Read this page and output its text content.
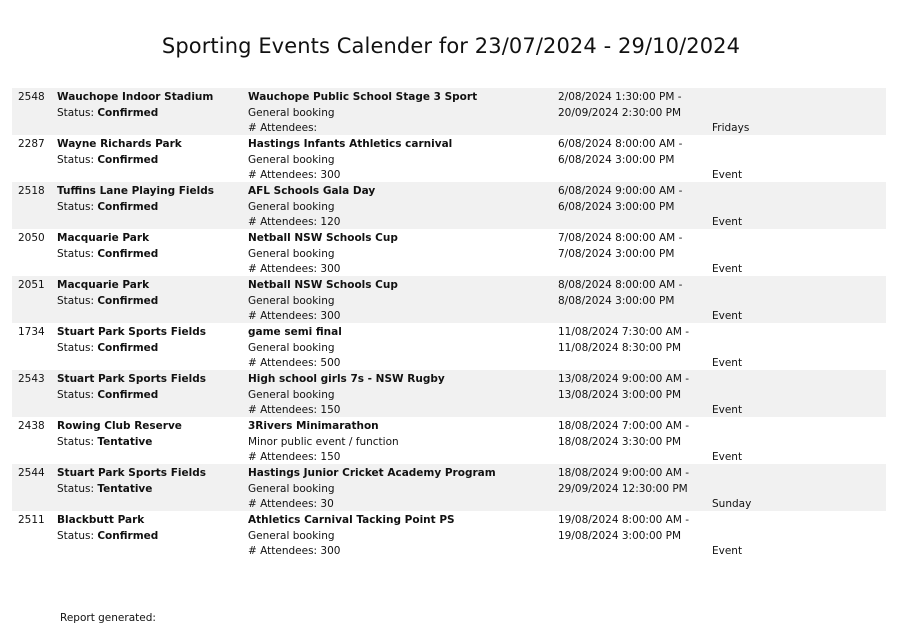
Sporting Events Calender for 23/07/2024 - 29/10/2024
2548 Wauchope Indoor Stadium
Status: Confirmed
Wauchope Public School Stage 3 Sport
General booking
# Attendees:
2/08/2024 1:30:00 PM -
20/09/2024 2:30:00 PM
Fridays
2287 Wayne Richards Park
Status: Confirmed
Hastings Infants Athletics carnival
General booking
# Attendees: 300
6/08/2024 8:00:00 AM -
6/08/2024 3:00:00 PM
Event
2518 Tuffins Lane Playing Fields
Status: Confirmed
AFL Schools Gala Day
General booking
# Attendees: 120
6/08/2024 9:00:00 AM -
6/08/2024 3:00:00 PM
Event
2050 Macquarie Park
Status: Confirmed
Netball NSW Schools Cup
General booking
# Attendees: 300
7/08/2024 8:00:00 AM -
7/08/2024 3:00:00 PM
Event
2051 Macquarie Park
Status: Confirmed
Netball NSW Schools Cup
General booking
# Attendees: 300
8/08/2024 8:00:00 AM -
8/08/2024 3:00:00 PM
Event
1734 Stuart Park Sports Fields
Status: Confirmed
game semi final
General booking
# Attendees: 500
11/08/2024 7:30:00 AM -
11/08/2024 8:30:00 PM
Event
2543 Stuart Park Sports Fields
Status: Confirmed
High school girls 7s - NSW Rugby
General booking
# Attendees: 150
13/08/2024 9:00:00 AM -
13/08/2024 3:00:00 PM
Event
2438 Rowing Club Reserve
Status: Tentative
3Rivers Minimarathon
Minor public event / function
# Attendees: 150
18/08/2024 7:00:00 AM -
18/08/2024 3:30:00 PM
Event
2544 Stuart Park Sports Fields
Status: Tentative
Hastings Junior Cricket Academy Program
General booking
# Attendees: 30
18/08/2024 9:00:00 AM -
29/09/2024 12:30:00 PM
Sunday
2511 Blackbutt Park
Status: Confirmed
Athletics Carnival Tacking Point PS
General booking
# Attendees: 300
19/08/2024 8:00:00 AM -
19/08/2024 3:00:00 PM
Event
Report generated:
